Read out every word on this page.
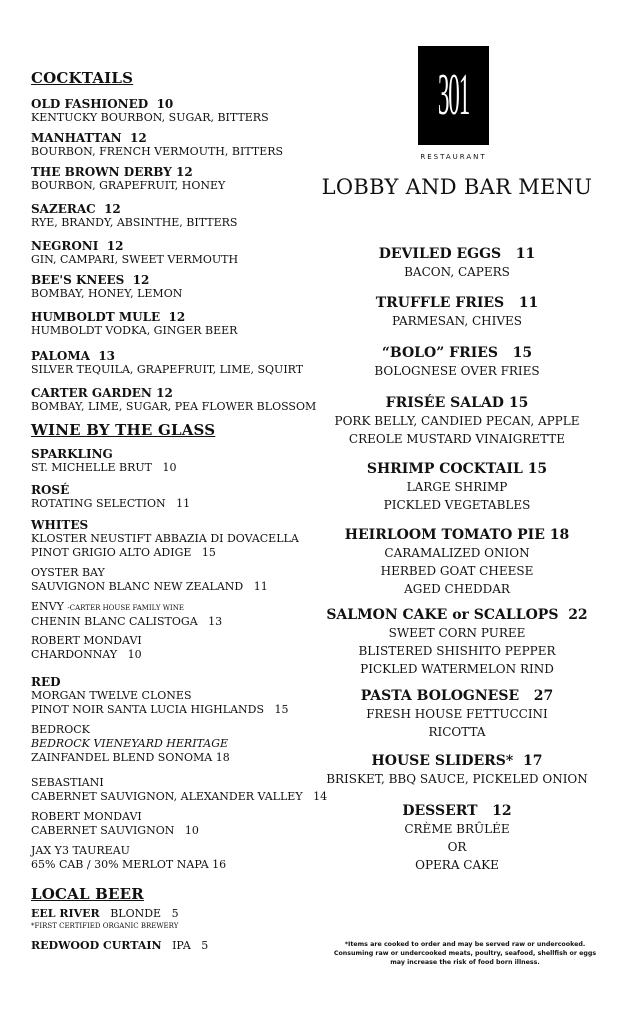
COCKTAILS
OLD FASHIONED 10
KENTUCKY BOURBON, SUGAR, BITTERS
MANHATTAN 12
BOURBON, FRENCH VERMOUTH, BITTERS
THE BROWN DERBY 12
BOURBON, GRAPEFRUIT, HONEY
SAZERAC 12
RYE, BRANDY, ABSINTHE, BITTERS
NEGRONI 12
GIN, CAMPARI, SWEET VERMOUTH
BEE'S KNEES 12
BOMBAY, HONEY, LEMON
HUMBOLDT MULE 12
HUMBOLDT VODKA, GINGER BEER
PALOMA 13
SILVER TEQUILA, GRAPEFRUIT, LIME, SQUIRT
CARTER GARDEN 12
BOMBAY, LIME, SUGAR, PEA FLOWER BLOSSOM
WINE BY THE GLASS
SPARKLING
ST. MICHELLE BRUT 10
ROSÉ
ROTATING SELECTION 11
WHITES
KLOSTER NEUSTIFT ABBAZIA DI DOVACELLA
PINOT GRIGIO ALTO ADIGE 15
OYSTER BAY
SAUVIGNON BLANC NEW ZEALAND 11
ENVY -CARTER HOUSE FAMILY WINE
CHENIN BLANC CALISTOGA 13
ROBERT MONDAVI
CHARDONNAY 10
RED
MORGAN TWELVE CLONES
PINOT NOIR SANTA LUCIA HIGHLANDS 15
BEDROCK
BEDROCK VIENEYARD HERITAGE
ZAINFANDEL BLEND SONOMA 18
SEBASTIANI
CABERNET SAUVIGNON, ALEXANDER VALLEY 14
ROBERT MONDAVI
CABERNET SAUVIGNON 10
JAX Y3 TAUREAU
65% CAB / 30% MERLOT NAPA 16
LOCAL BEER
EEL RIVER BLONDE 5
*FIRST CERTIFIED ORGANIC BREWERY
REDWOOD CURTAIN IPA 5
301
RESTAURANT
LOBBY AND BAR MENU
DEVILED EGGS 11
BACON, CAPERS
TRUFFLE FRIES 11
PARMESAN, CHIVES
“BOLO” FRIES 15
BOLOGNESE OVER FRIES
FRISÉE SALAD 15
PORK BELLY, CANDIED PECAN, APPLE
CREOLE MUSTARD VINAIGRETTE
SHRIMP COCKTAIL 15
LARGE SHRIMP
PICKLED VEGETABLES
HEIRLOOM TOMATO PIE 18
CARAMALIZED ONION
HERBED GOAT CHEESE
AGED CHEDDAR
SALMON CAKE or SCALLOPS 22
SWEET CORN PUREE
BLISTERED SHISHITO PEPPER
PICKLED WATERMELON RIND
PASTA BOLOGNESE 27
FRESH HOUSE FETTUCCINI
RICOTTA
HOUSE SLIDERS* 17
BRISKET, BBQ SAUCE, PICKELED ONION
DESSERT 12
CRÈME BRÛLÉE
OR
OPERA CAKE
*Items are cooked to order and may be served raw or undercooked. Consuming raw or undercooked meats, poultry, seafood, shellfish or eggs may increase the risk of food born illness.
